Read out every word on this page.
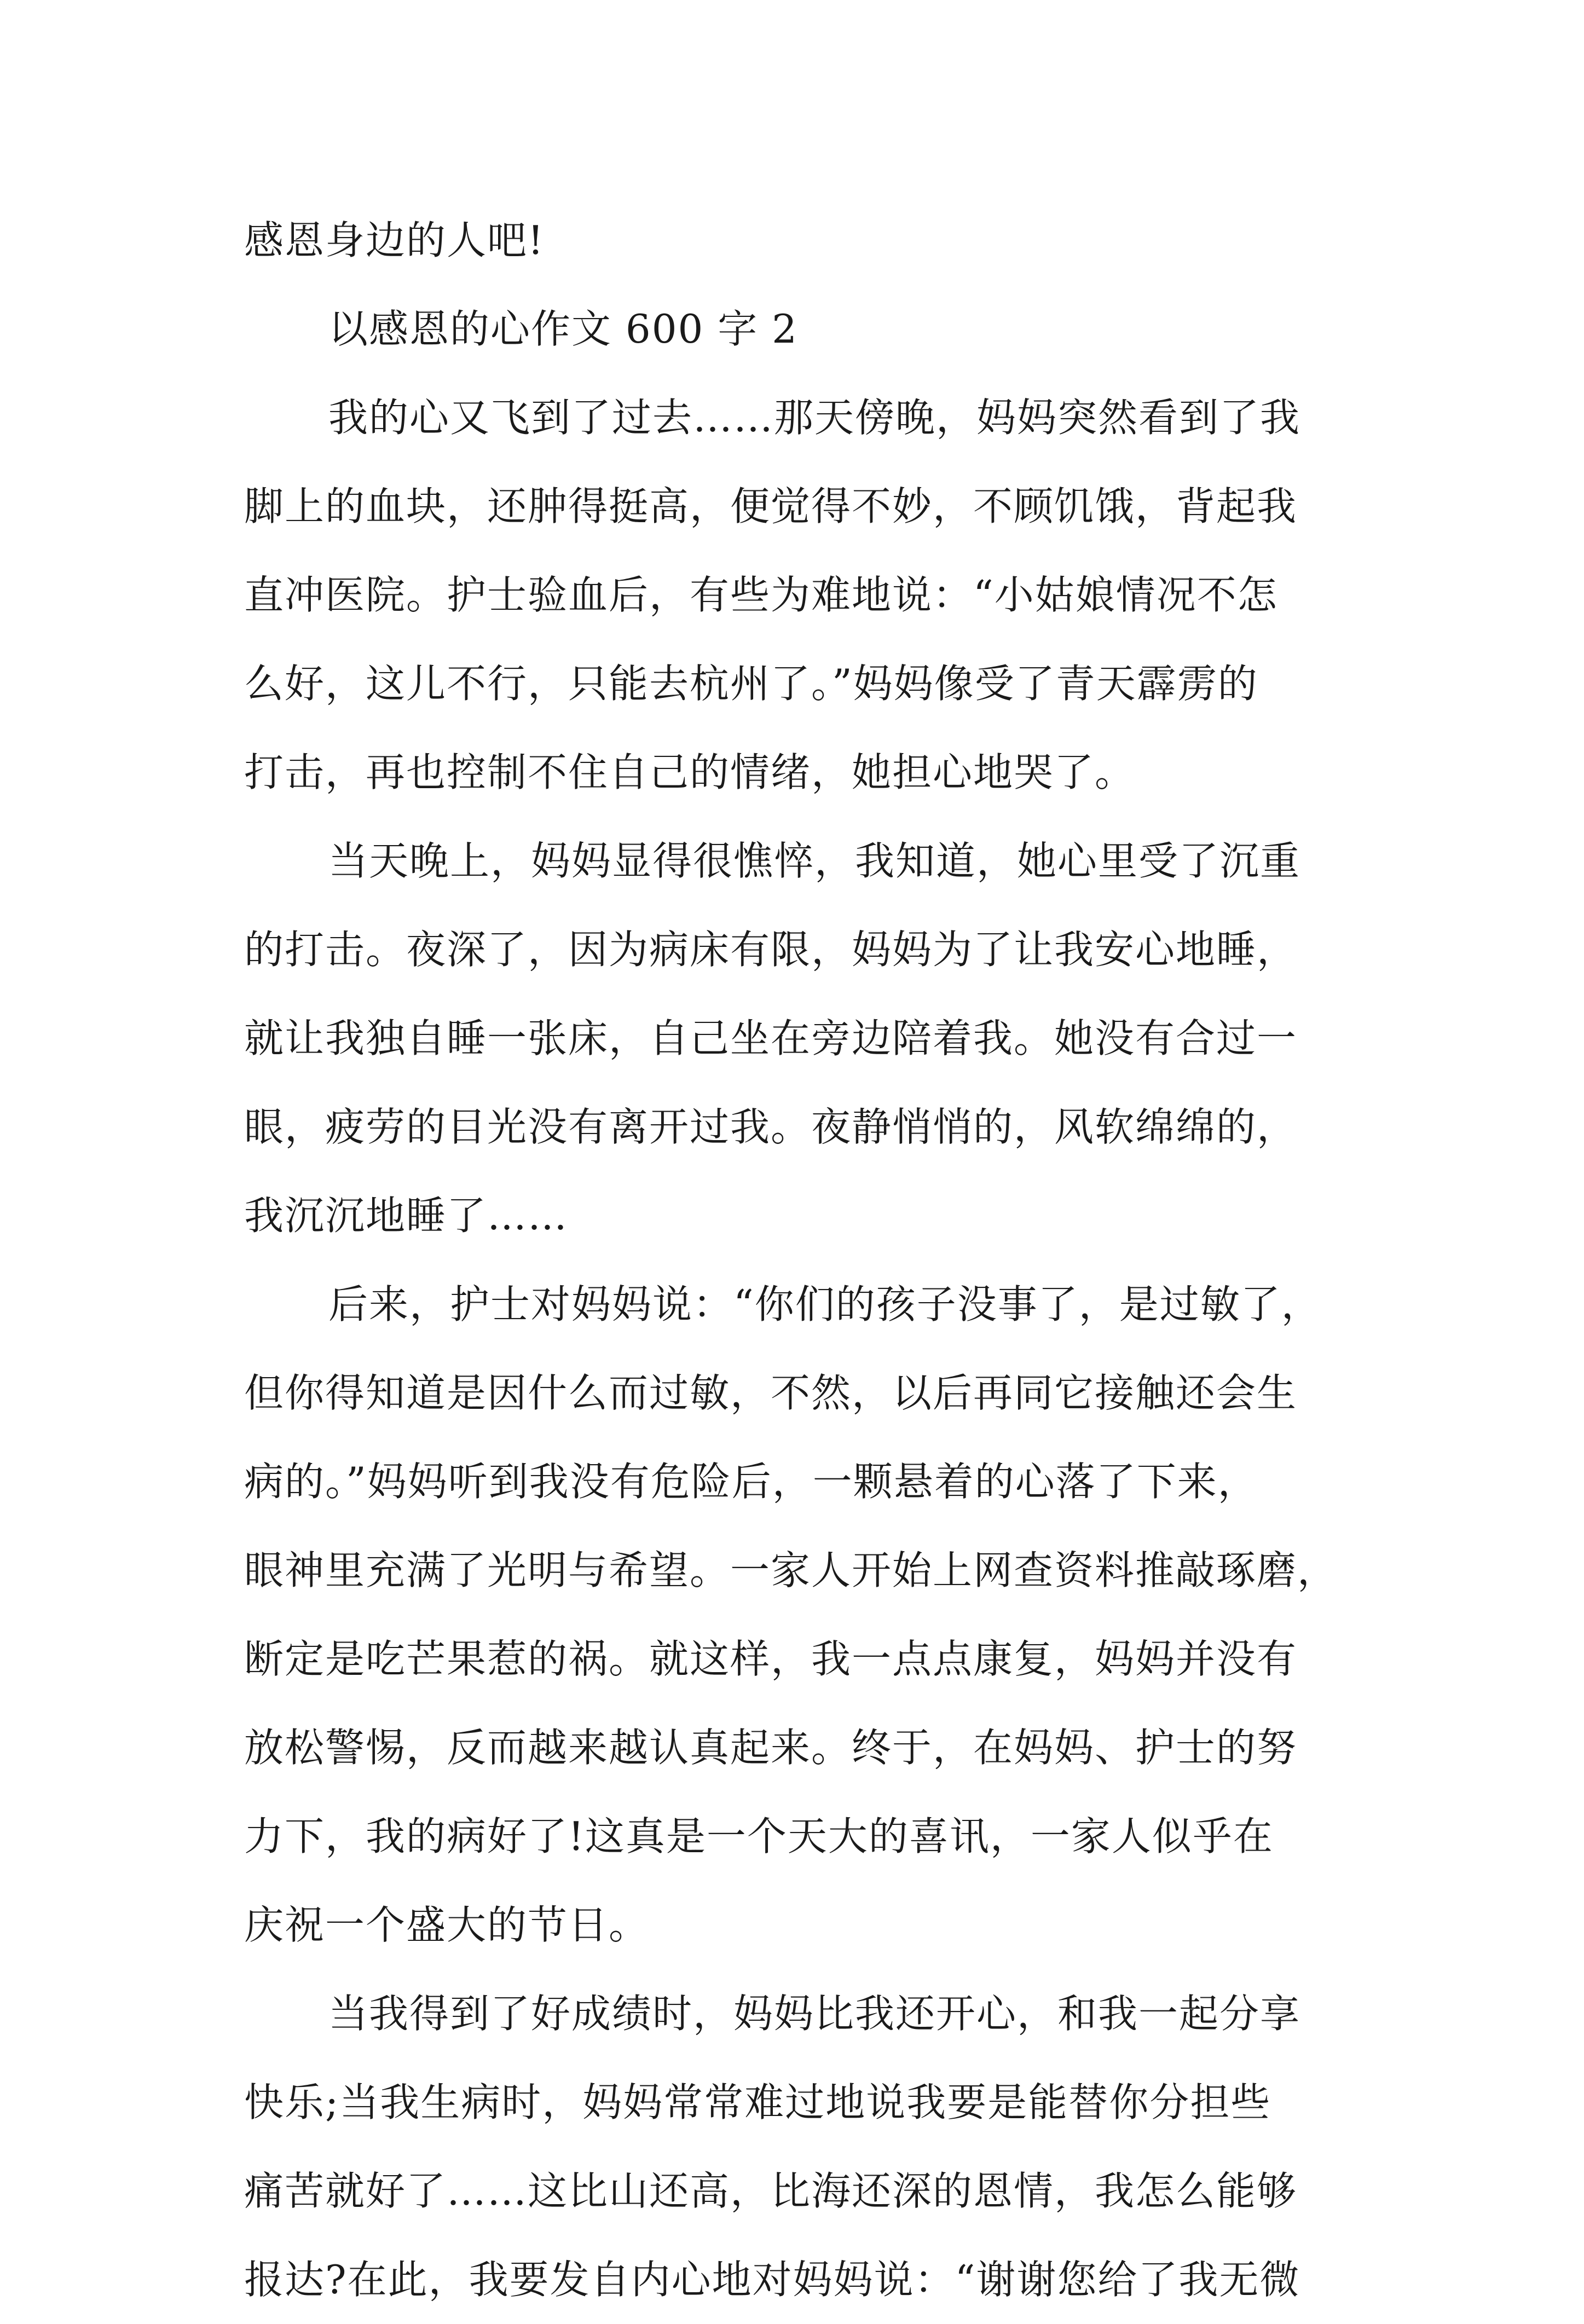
感恩身边的人吧!
以感恩的心作文 600 字 2
我的心又飞到了过去……那天傍晚，妈妈突然看到了我
脚上的血块，还肿得挺高，便觉得不妙，不顾饥饿，背起我
直冲医院。护士验血后，有些为难地说：“小姑娘情况不怎
么好，这儿不行，只能去杭州了。”妈妈像受了青天霹雳的
打击，再也控制不住自己的情绪，她担心地哭了。
当天晚上，妈妈显得很憔悴，我知道，她心里受了沉重
的打击。夜深了，因为病床有限，妈妈为了让我安心地睡，
就让我独自睡一张床，自己坐在旁边陪着我。她没有合过一
眼，疲劳的目光没有离开过我。夜静悄悄的，风软绵绵的，
我沉沉地睡了……
后来，护士对妈妈说：“你们的孩子没事了，是过敏了，
但你得知道是因什么而过敏，不然，以后再同它接触还会生
病的。”妈妈听到我没有危险后，一颗悬着的心落了下来，
眼神里充满了光明与希望。一家人开始上网查资料推敲琢磨，
断定是吃芒果惹的祸。就这样，我一点点康复，妈妈并没有
放松警惕，反而越来越认真起来。终于，在妈妈、护士的努
力下，我的病好了!这真是一个天大的喜讯，一家人似乎在
庆祝一个盛大的节日。
当我得到了好成绩时，妈妈比我还开心，和我一起分享
快乐;当我生病时，妈妈常常难过地说我要是能替你分担些
痛苦就好了……这比山还高，比海还深的恩情，我怎么能够
报达?在此，我要发自内心地对妈妈说：“谢谢您给了我无微
